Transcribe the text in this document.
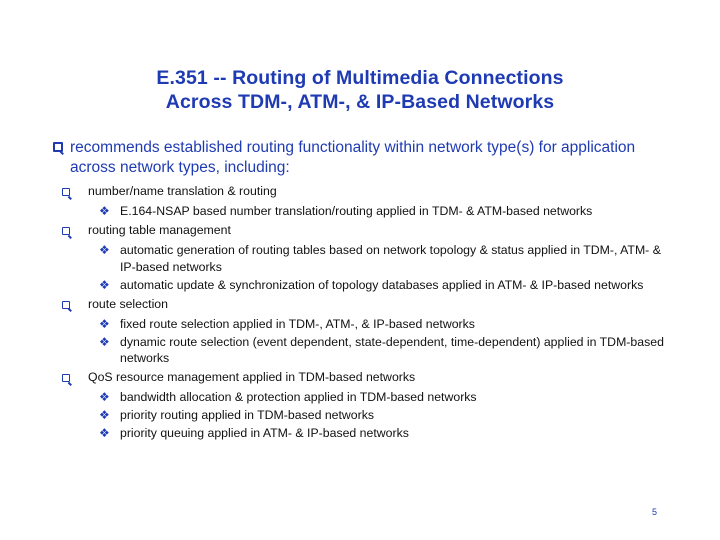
E.351 -- Routing of Multimedia Connections
Across TDM-, ATM-, & IP-Based Networks
recommends established routing functionality within network type(s) for application across network types, including:
number/name translation & routing
❖ E.164-NSAP based number translation/routing applied in TDM- & ATM-based networks
routing table management
❖ automatic generation of routing tables based on network topology & status applied in TDM-, ATM- & IP-based networks
❖ automatic update & synchronization of topology databases applied in ATM- & IP-based networks
route selection
❖ fixed route selection applied in TDM-, ATM-, & IP-based networks
❖ dynamic route selection (event dependent, state-dependent, time-dependent) applied in TDM-based networks
QoS resource management applied in TDM-based networks
❖ bandwidth allocation & protection applied in TDM-based networks
❖ priority routing applied in TDM-based networks
❖ priority queuing applied in ATM- & IP-based networks
5
